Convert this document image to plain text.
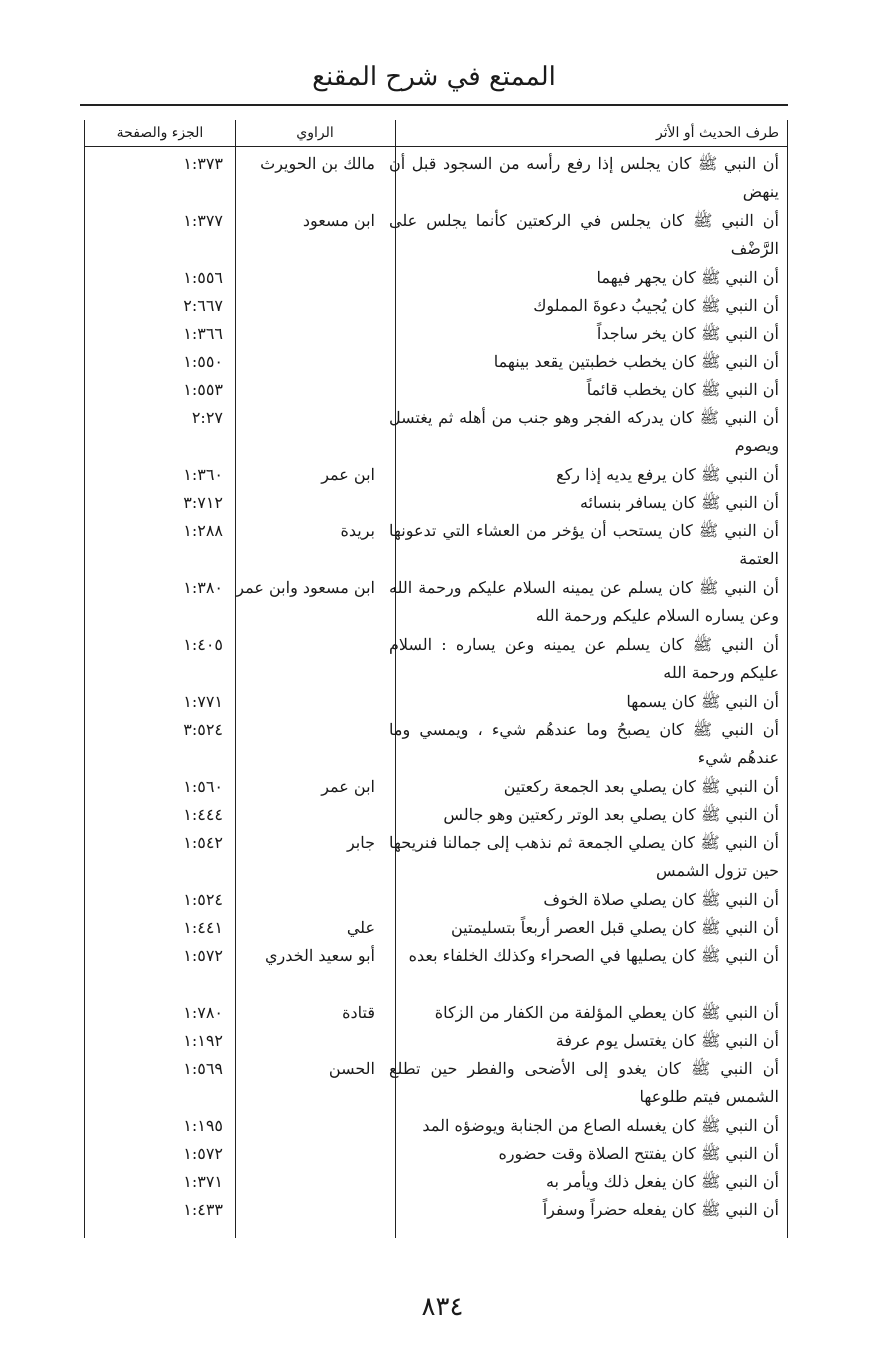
الممتع في شرح المقنع
طرف الحديث أو الأثر
الراوي
الجزء والصفحة
أن النبي ﷺ كان يجلس إذا رفع رأسه من السجود قبل أن ينهض
مالك بن الحويرث
١:٣٧٣
أن النبي ﷺ كان يجلس في الركعتين كأنما يجلس على الرَّضْف
ابن مسعود
١:٣٧٧
أن النبي ﷺ كان يجهر فيهما
١:٥٥٦
أن النبي ﷺ كان يُجيبُ دعوةَ المملوك
٢:٦٦٧
أن النبي ﷺ كان يخر ساجداً
١:٣٦٦
أن النبي ﷺ كان يخطب خطبتين يقعد بينهما
١:٥٥٠
أن النبي ﷺ كان يخطب قائماً
١:٥٥٣
أن النبي ﷺ كان يدركه الفجر وهو جنب من أهله ثم يغتسل ويصوم
٢:٢٧
أن النبي ﷺ كان يرفع يديه إذا ركع
ابن عمر
١:٣٦٠
أن النبي ﷺ كان يسافر بنسائه
٣:٧١٢
أن النبي ﷺ كان يستحب أن يؤخر من العشاء التي تدعونها العتمة
بريدة
١:٢٨٨
أن النبي ﷺ كان يسلم عن يمينه السلام عليكم ورحمة الله وعن يساره السلام عليكم ورحمة الله
ابن مسعود وابن عمر
١:٣٨٠
أن النبي ﷺ كان يسلم عن يمينه وعن يساره : السلام عليكم ورحمة الله
١:٤٠٥
أن النبي ﷺ كان يسمها
١:٧٧١
أن النبي ﷺ كان يصبحُ وما عندهُم شيء ، ويمسي وما عندهُم شيء
٣:٥٢٤
أن النبي ﷺ كان يصلي بعد الجمعة ركعتين
ابن عمر
١:٥٦٠
أن النبي ﷺ كان يصلي بعد الوتر ركعتين وهو جالس
١:٤٤٤
أن النبي ﷺ كان يصلي الجمعة ثم نذهب إلى جمالنا فنريحها حين تزول الشمس
جابر
١:٥٤٢
أن النبي ﷺ كان يصلي صلاة الخوف
١:٥٢٤
أن النبي ﷺ كان يصلي قبل العصر أربعاً بتسليمتين
علي
١:٤٤١
أن النبي ﷺ كان يصليها في الصحراء وكذلك الخلفاء بعده
أبو سعيد الخدري
١:٥٧٢
أن النبي ﷺ كان يعطي المؤلفة من الكفار من الزكاة
قتادة
١:٧٨٠
أن النبي ﷺ كان يغتسل يوم عرفة
١:١٩٢
أن النبي ﷺ كان يغدو إلى الأضحى والفطر حين تطلع الشمس فيتم طلوعها
الحسن
١:٥٦٩
أن النبي ﷺ كان يغسله الصاع من الجنابة ويوضؤه المد
١:١٩٥
أن النبي ﷺ كان يفتتح الصلاة وقت حضوره
١:٥٧٢
أن النبي ﷺ كان يفعل ذلك ويأمر به
١:٣٧١
أن النبي ﷺ كان يفعله حضراً وسفراً
١:٤٣٣
٨٣٤
